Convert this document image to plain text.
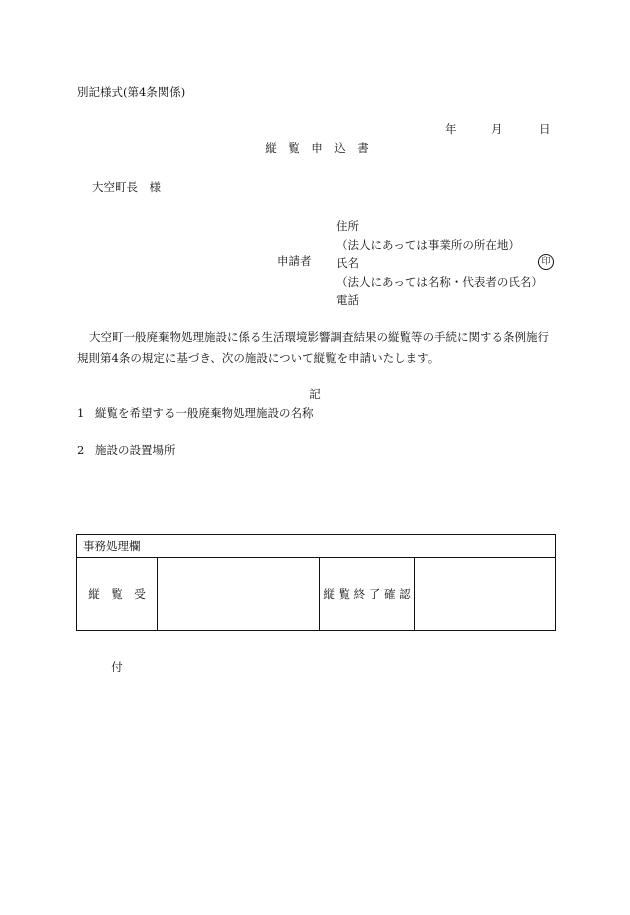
別記様式(第4条関係)
年	月	日
縦　覧　申　込　書
大空町長　様
申請者
住所
（法人にあっては事業所の所在地）
氏名
（法人にあっては名称・代表者の氏名）
電話
印
大空町一般廃棄物処理施設に係る生活環境影響調査結果の縦覧等の手続に関する条例施行規則第4条の規定に基づき、次の施設について縦覧を申請いたします。
記
1 縦覧を希望する一般廃棄物処理施設の名称
2 施設の設置場所
事務処理欄
縦　覧　受　付
縦 覧 終 了 確 認
